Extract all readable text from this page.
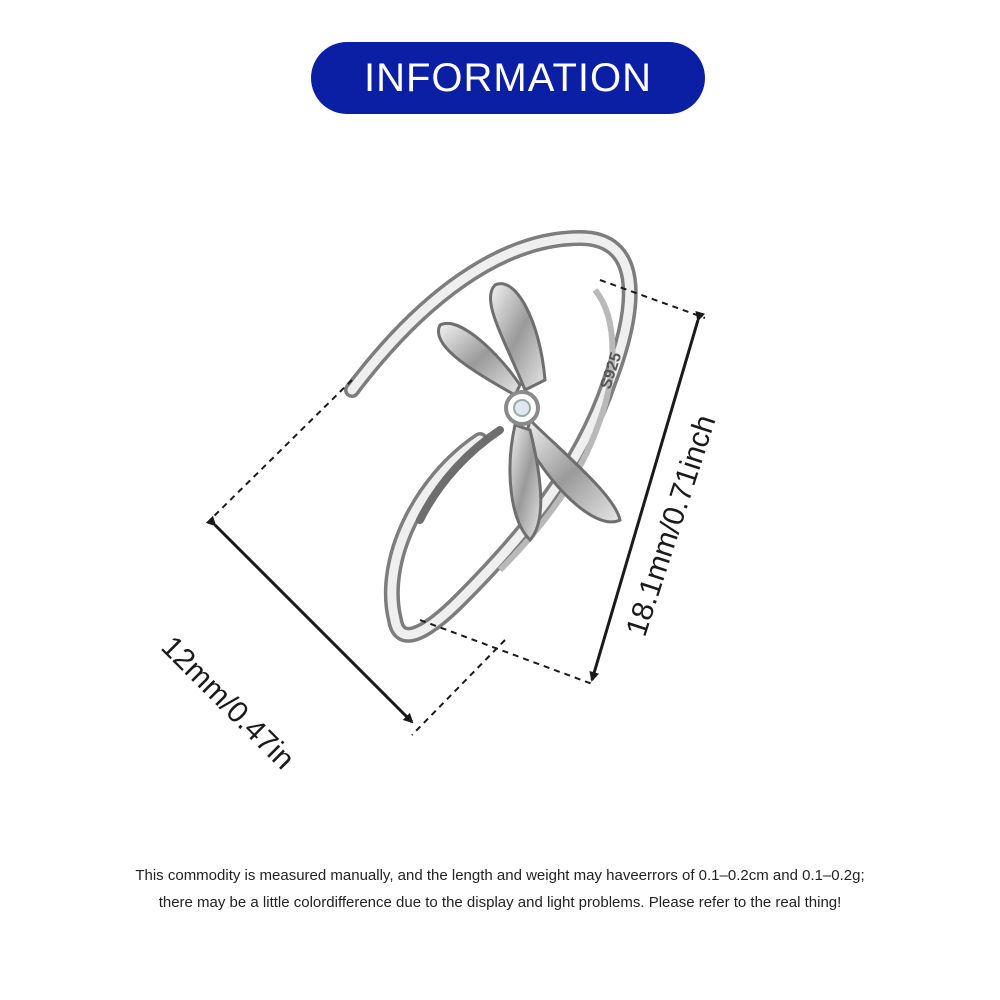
INFORMATION
S925
12mm/0.47in
18.1mm/0.71inch
This commodity is measured manually, and the length and weight may haveerrors of 0.1–0.2cm and 0.1–0.2g;
there may be a little colordifference due to the display and light problems. Please refer to the real thing!
